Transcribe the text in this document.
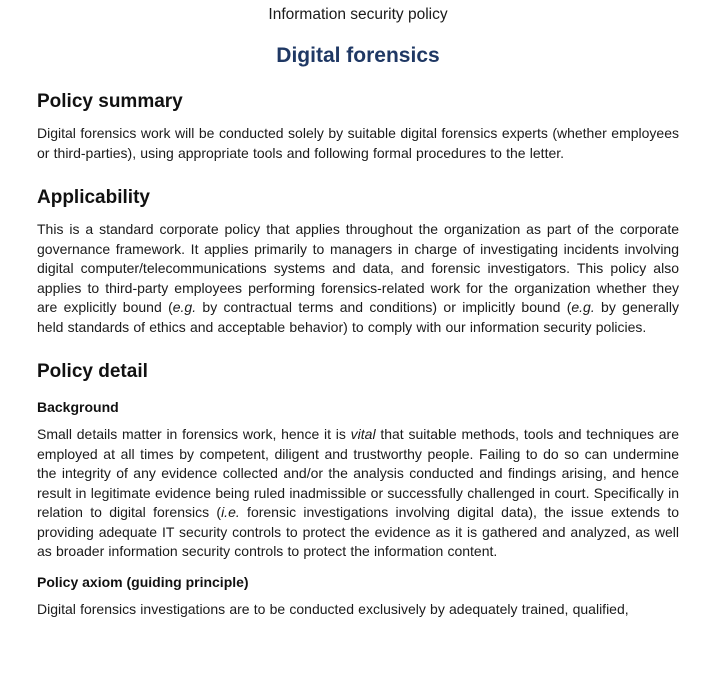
Information security policy
Digital forensics
Policy summary

Digital forensics work will be conducted solely by suitable digital forensics experts (whether employees or third-parties), using appropriate tools and following formal procedures to the letter.

Applicability

This is a standard corporate policy that applies throughout the organization as part of the corporate governance framework. It applies primarily to managers in charge of investigating incidents involving digital computer/telecommunications systems and data, and forensic investigators. This policy also applies to third-party employees performing forensics-related work for the organization whether they are explicitly bound (e.g. by contractual terms and conditions) or implicitly bound (e.g. by generally held standards of ethics and acceptable behavior) to comply with our information security policies.

Policy detail
Background

Small details matter in forensics work, hence it is vital that suitable methods, tools and techniques are employed at all times by competent, diligent and trustworthy people. Failing to do so can undermine the integrity of any evidence collected and/or the analysis conducted and findings arising, and hence result in legitimate evidence being ruled inadmissible or successfully challenged in court. Specifically in relation to digital forensics (i.e. forensic investigations involving digital data), the issue extends to providing adequate IT security controls to protect the evidence as it is gathered and analyzed, as well as broader information security controls to protect the information content.

Policy axiom (guiding principle)

Digital forensics investigations are to be conducted exclusively by adequately trained, qualified,
